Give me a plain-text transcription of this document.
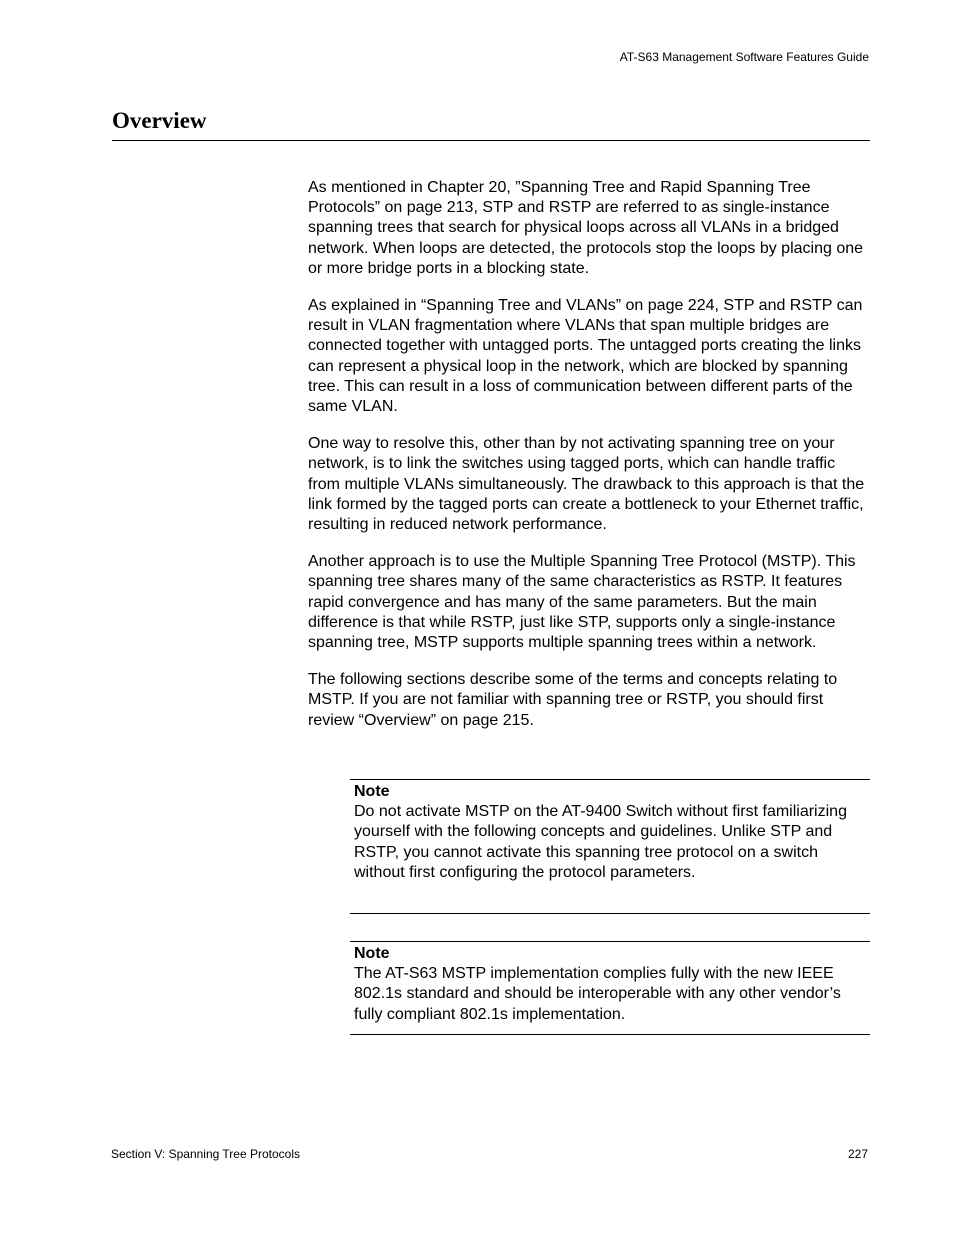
AT-S63 Management Software Features Guide
Overview

As mentioned in Chapter 20, ”Spanning Tree and Rapid Spanning Tree Protocols” on page 213, STP and RSTP are referred to as single-instance spanning trees that search for physical loops across all VLANs in a bridged network. When loops are detected, the protocols stop the loops by placing one or more bridge ports in a blocking state.

As explained in “Spanning Tree and VLANs” on page 224, STP and RSTP can result in VLAN fragmentation where VLANs that span multiple bridges are connected together with untagged ports. The untagged ports creating the links can represent a physical loop in the network, which are blocked by spanning tree. This can result in a loss of communication between different parts of the same VLAN.

One way to resolve this, other than by not activating spanning tree on your network, is to link the switches using tagged ports, which can handle traffic from multiple VLANs simultaneously. The drawback to this approach is that the link formed by the tagged ports can create a bottleneck to your Ethernet traffic, resulting in reduced network performance.

Another approach is to use the Multiple Spanning Tree Protocol (MSTP). This spanning tree shares many of the same characteristics as RSTP. It features rapid convergence and has many of the same parameters. But the main difference is that while RSTP, just like STP, supports only a single-instance spanning tree, MSTP supports multiple spanning trees within a network.

The following sections describe some of the terms and concepts relating to MSTP. If you are not familiar with spanning tree or RSTP, you should first review “Overview” on page 215.

Note

Do not activate MSTP on the AT-9400 Switch without first familiarizing yourself with the following concepts and guidelines. Unlike STP and RSTP, you cannot activate this spanning tree protocol on a switch without first configuring the protocol parameters.

Note

The AT-S63 MSTP implementation complies fully with the new IEEE 802.1s standard and should be interoperable with any other vendor’s fully compliant 802.1s implementation.

Section V: Spanning Tree Protocols	227
